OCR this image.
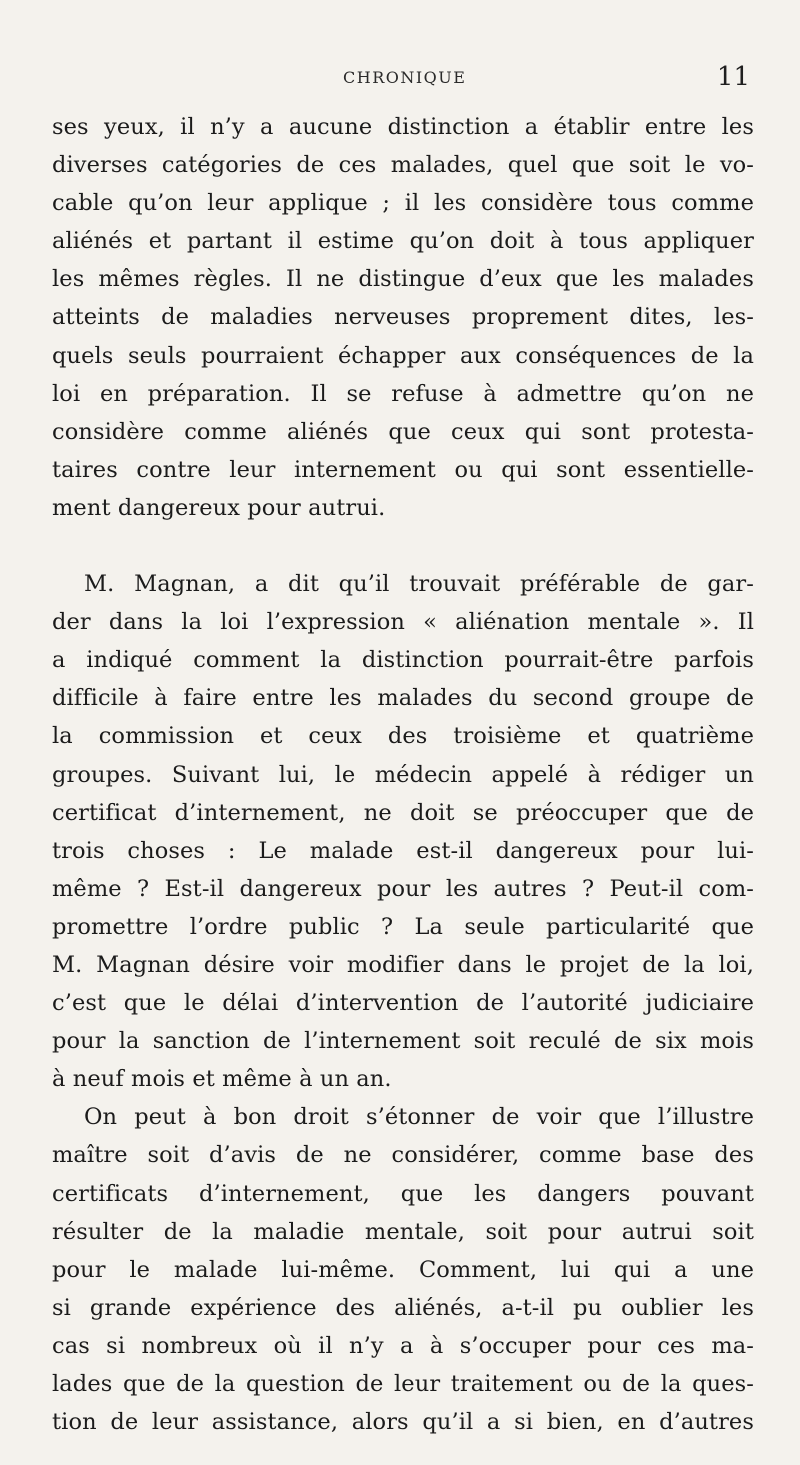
CHRONIQUE	11
ses yeux, il n’y a aucune distinction a établir entre les
diverses catégories de ces malades, quel que soit le vo-
cable qu’on leur applique ; il les considère tous comme
aliénés et partant il estime qu’on doit à tous appliquer
les mêmes règles. Il ne distingue d’eux que les malades
atteints de maladies nerveuses proprement dites, les-
quels seuls pourraient échapper aux conséquences de la
loi en préparation. Il se refuse à admettre qu’on ne
considère comme aliénés que ceux qui sont protesta-
taires contre leur internement ou qui sont essentielle-
ment dangereux pour autrui.
M. Magnan, a dit qu’il trouvait préférable de gar-
der dans la loi l’expression « aliénation mentale ». Il
a indiqué comment la distinction pourrait-être parfois
difficile à faire entre les malades du second groupe de
la commission et ceux des troisième et quatrième
groupes. Suivant lui, le médecin appelé à rédiger un
certificat d’internement, ne doit se préoccuper que de
trois choses : Le malade est-il dangereux pour lui-
même ? Est-il dangereux pour les autres ? Peut-il com-
promettre l’ordre public ? La seule particularité que
M. Magnan désire voir modifier dans le projet de la loi,
c’est que le délai d’intervention de l’autorité judiciaire
pour la sanction de l’internement soit reculé de six mois
à neuf mois et même à un an.
On peut à bon droit s’étonner de voir que l’illustre
maître soit d’avis de ne considérer, comme base des
certificats d’internement, que les dangers pouvant
résulter de la maladie mentale, soit pour autrui soit
pour le malade lui-même. Comment, lui qui a une
si grande expérience des aliénés, a-t-il pu oublier les
cas si nombreux où il n’y a à s’occuper pour ces ma-
lades que de la question de leur traitement ou de la ques-
tion de leur assistance, alors qu’il a si bien, en d’autres
